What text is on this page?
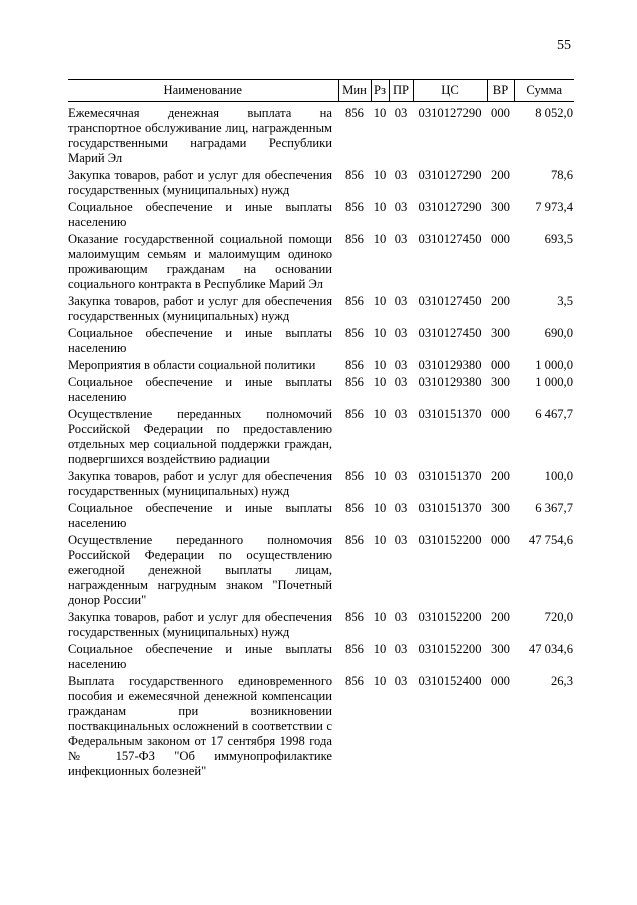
55
Наименование	Мин	Рз	ПР	ЦС	ВР	Сумма
Ежемесячная денежная выплата на транспортное обслуживание лиц, награжденным государственными наградами Республики Марий Эл	856	10	03	0310127290	000	8 052,0
Закупка товаров, работ и услуг для обеспечения государственных (муниципальных) нужд	856	10	03	0310127290	200	78,6
Социальное обеспечение и иные выплаты населению	856	10	03	0310127290	300	7 973,4
Оказание государственной социальной помощи малоимущим семьям и малоимущим одиноко проживающим гражданам на основании социального контракта в Республике Марий Эл	856	10	03	0310127450	000	693,5
Закупка товаров, работ и услуг для обеспечения государственных (муниципальных) нужд	856	10	03	0310127450	200	3,5
Социальное обеспечение и иные выплаты населению	856	10	03	0310127450	300	690,0
Мероприятия в области социальной политики	856	10	03	0310129380	000	1 000,0
Социальное обеспечение и иные выплаты населению	856	10	03	0310129380	300	1 000,0
Осуществление переданных полномочий Российской Федерации по предоставлению отдельных мер социальной поддержки граждан, подвергшихся воздействию радиации	856	10	03	0310151370	000	6 467,7
Закупка товаров, работ и услуг для обеспечения государственных (муниципальных) нужд	856	10	03	0310151370	200	100,0
Социальное обеспечение и иные выплаты населению	856	10	03	0310151370	300	6 367,7
Осуществление переданного полномочия Российской Федерации по осуществлению ежегодной денежной выплаты лицам, награжденным нагрудным знаком "Почетный донор России"	856	10	03	0310152200	000	47 754,6
Закупка товаров, работ и услуг для обеспечения государственных (муниципальных) нужд	856	10	03	0310152200	200	720,0
Социальное обеспечение и иные выплаты населению	856	10	03	0310152200	300	47 034,6
Выплата государственного единовременного пособия и ежемесячной денежной компенсации гражданам при возникновении поствакцинальных осложнений в соответствии с Федеральным законом от 17 сентября 1998 года № 157-ФЗ "Об иммунопрофилактике инфекционных болезней"	856	10	03	0310152400	000	26,3
